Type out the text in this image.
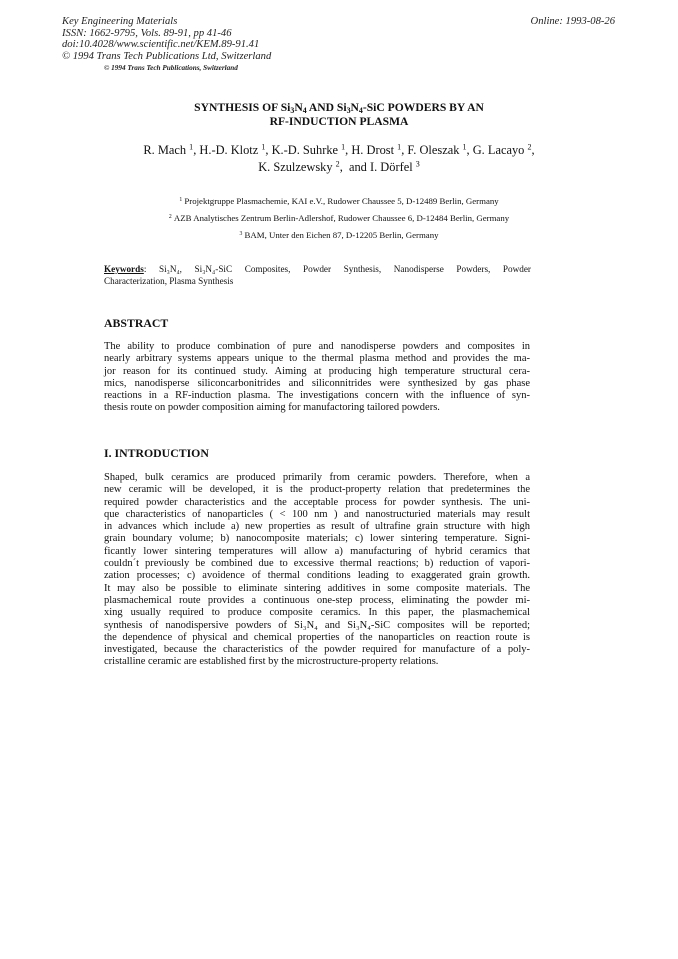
Key Engineering Materials
ISSN: 1662-9795, Vols. 89-91, pp 41-46
doi:10.4028/www.scientific.net/KEM.89-91.41
© 1994 Trans Tech Publications Ltd, Switzerland
Online: 1993-08-26
© 1994 Trans Tech Publications, Switzerland
SYNTHESIS OF $Si_3N_4$ AND $Si_3N_4$-SiC POWDERS BY AN
RF-INDUCTION PLASMA
R. Mach $^1$, H.-D. Klotz $^1$, K.-D. Suhrke $^1$, H. Drost $^1$, F. Oleszak $^1$, G. Lacayo $^2$,
K. Szulzewsky $^2$,  and I. Dörfel $^3$
$^1$ Projektgruppe Plasmachemie, KAI e.V., Rudower Chaussee 5, D-12489 Berlin, Germany
$^2$ AZB Analytisches Zentrum Berlin-Adlershof, Rudower Chaussee 6, D-12484 Berlin, Germany
$^3$ BAM, Unter den Eichen 87, D-12205 Berlin, Germany
Keywords: Si₃N₄, Si₃N₄-SiC Composites, Powder Synthesis, Nanodisperse Powders, Powder
Characterization, Plasma Synthesis
ABSTRACT
The ability to produce combination of pure and nanodisperse powders and composites in
nearly arbitrary systems appears unique to the thermal plasma method and provides the ma-
jor reason for its continued study. Aiming at producing high temperature structural cera-
mics, nanodisperse siliconcarbonitrides and siliconnitrides were synthesized by gas phase
reactions in a RF-induction plasma. The investigations concern with the influence of syn-
thesis route on powder composition aiming for manufactoring tailored powders.
I. INTRODUCTION
Shaped, bulk ceramics are produced primarily from ceramic powders. Therefore, when a
new ceramic will be developed, it is the product-property relation that predetermines the
required powder characteristics and the acceptable process for powder synthesis. The uni-
que characteristics of nanoparticles ( < 100 nm ) and nanostructuried materials may result
in advances which include a) new properties as result of ultrafine grain structure with high
grain boundary volume; b) nanocomposite materials; c) lower sintering temperature. Signi-
ficantly lower sintering temperatures will allow a) manufacturing of hybrid ceramics that
couldn´t previously be combined due to excessive thermal reactions; b) reduction of vapori-
zation processes; c) avoidence of thermal conditions leading to exaggerated grain growth.
It may also be possible to eliminate sintering additives in some composite materials. The
plasmachemical route provides a continuous one-step process, eliminating the powder mi-
xing usually required to produce composite ceramics. In this paper, the plasmachemical
synthesis of nanodispersive powders of Si₃N₄ and Si₃N₄-SiC composites will be reported;
the dependence of physical and chemical properties of the nanoparticles on reaction route is
investigated, because the characteristics of the powder required for manufacture of a poly-
cristalline ceramic are established first by the microstructure-property relations.
